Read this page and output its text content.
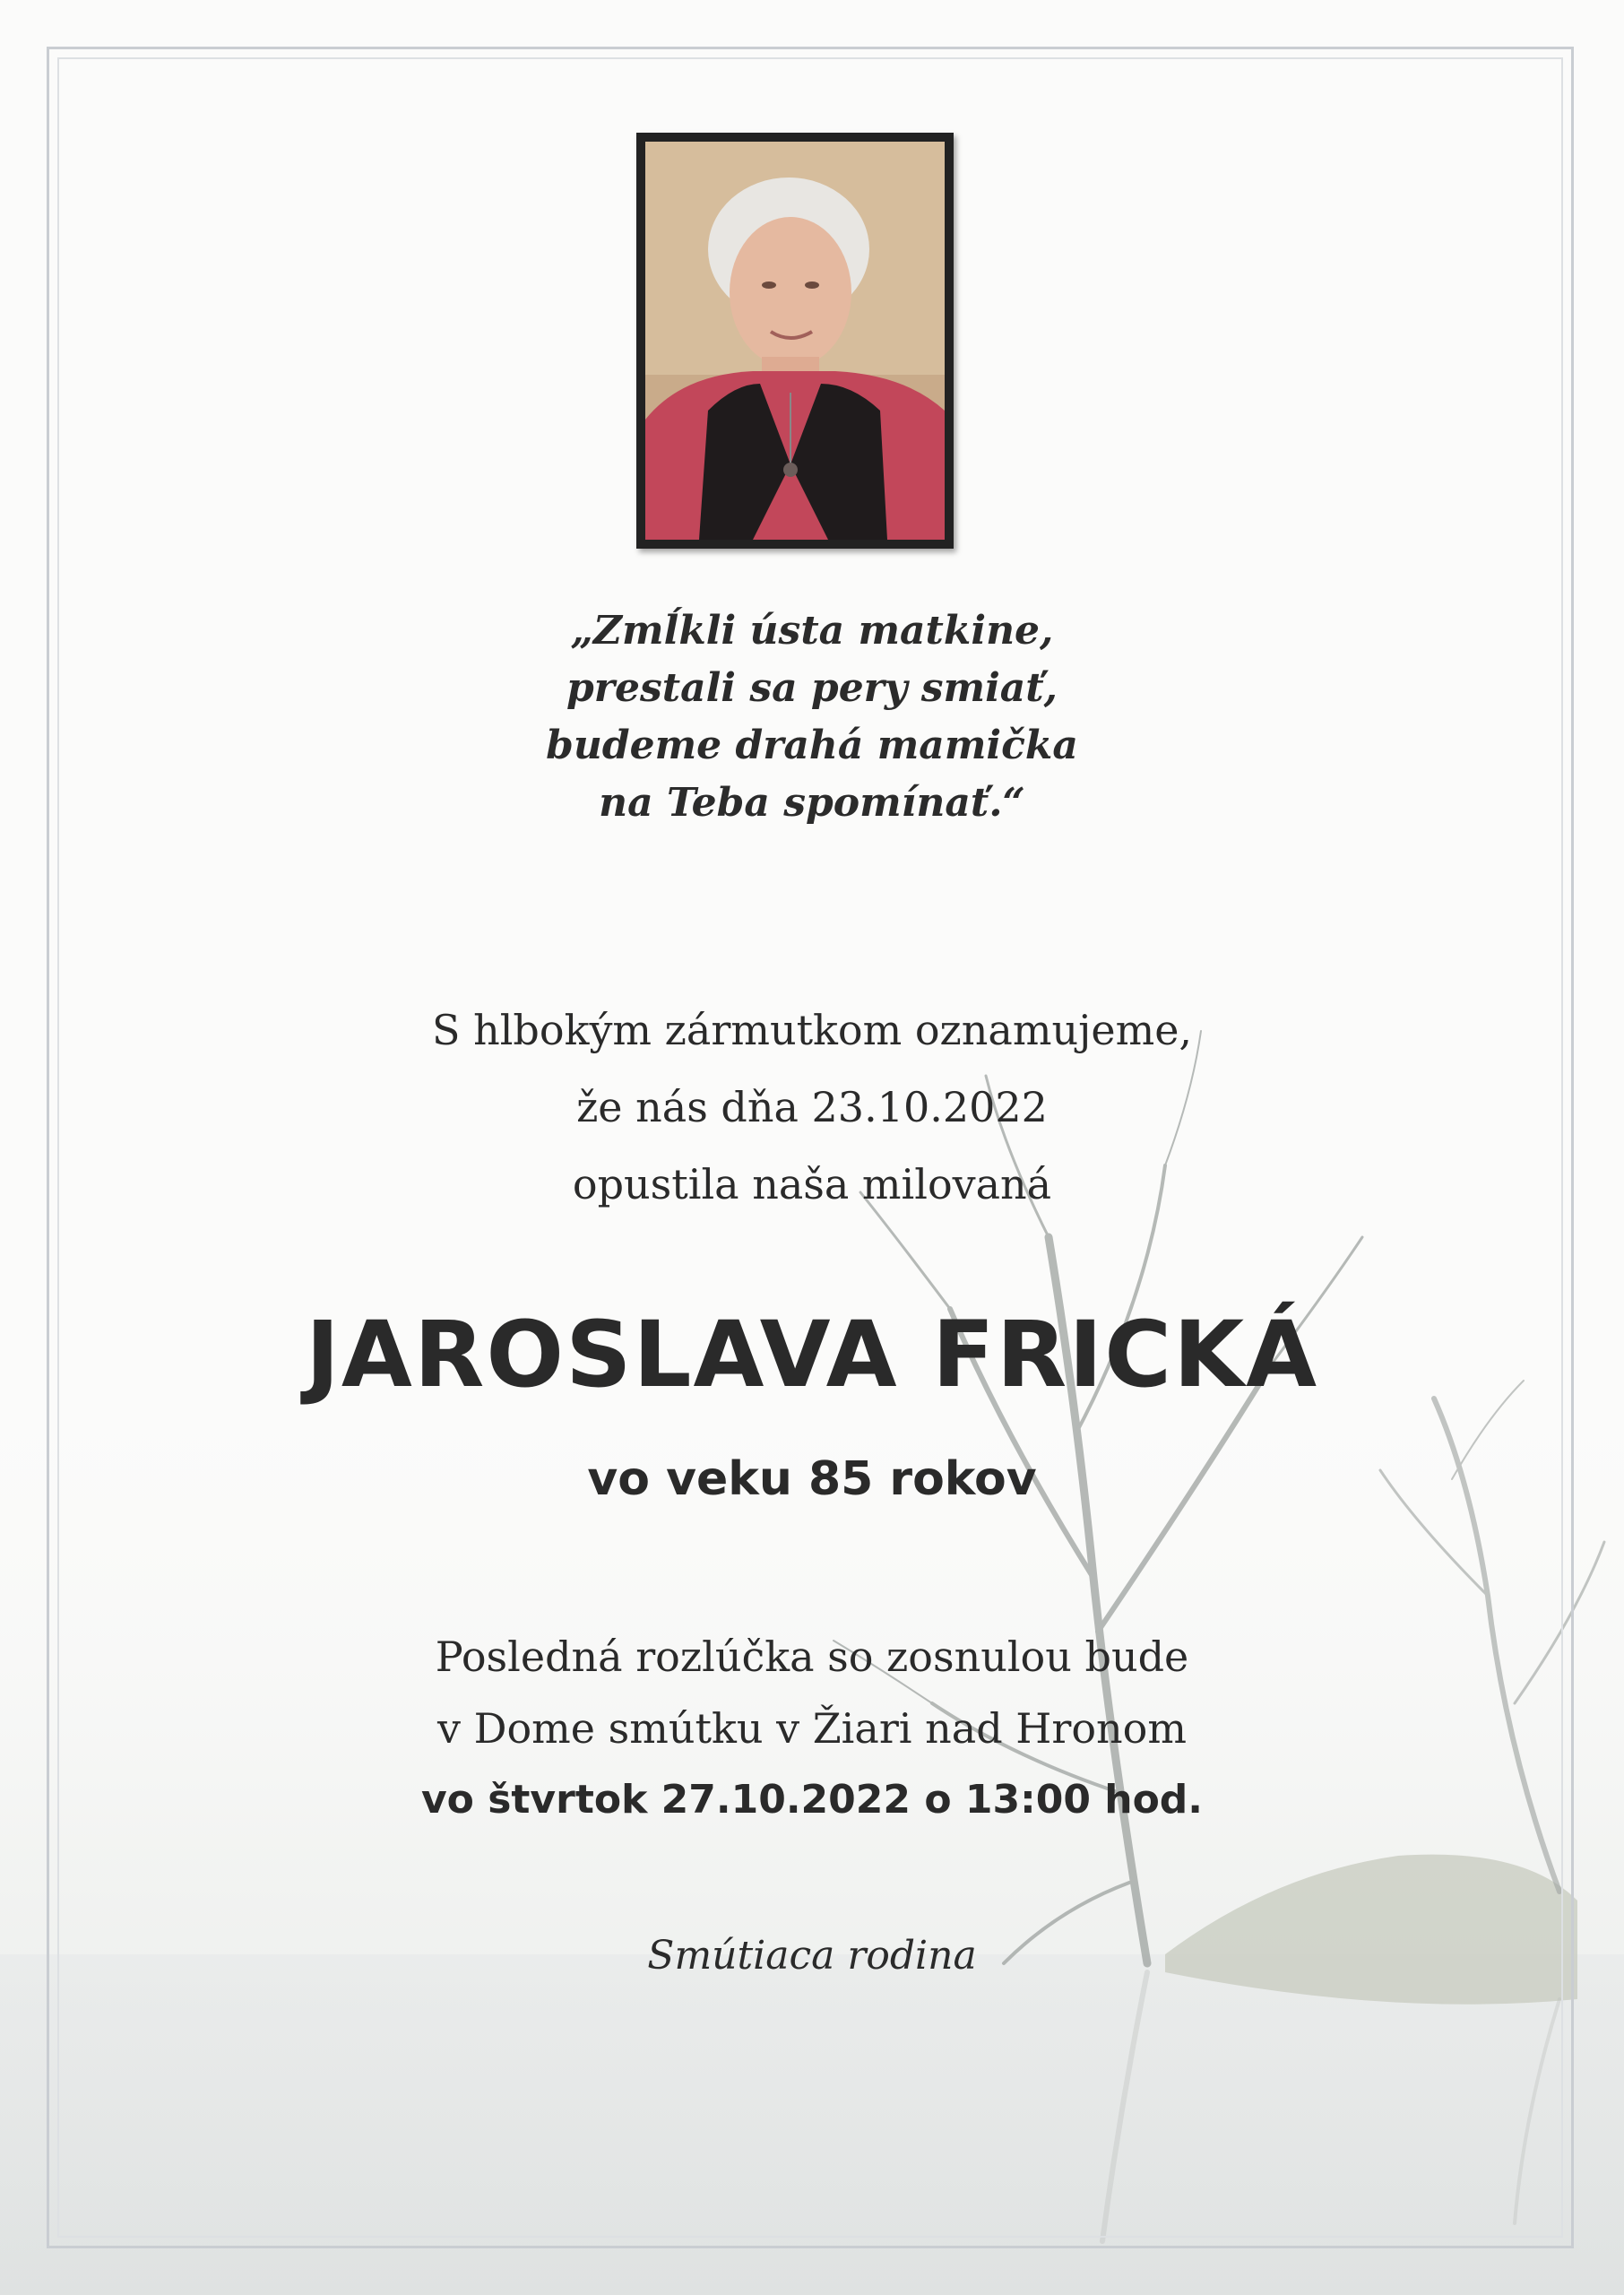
„Zmĺkli ústa matkine,
prestali sa pery smiať,
budeme drahá mamička
na Teba spomínať.“
S hlbokým zármutkom oznamujeme,
že nás dňa 23.10.2022
opustila naša milovaná
JAROSLAVA FRICKÁ
vo veku 85 rokov
Posledná rozlúčka so zosnulou bude
v Dome smútku v Žiari nad Hronom
vo štvrtok 27.10.2022 o 13:00 hod.
Smútiaca rodina
